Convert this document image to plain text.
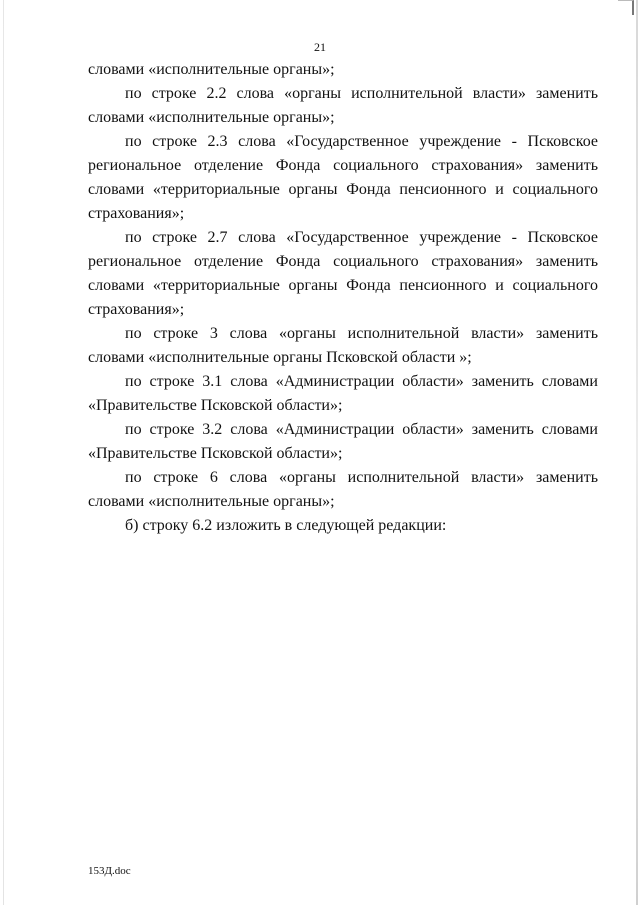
21

словами «исполнительные органы»;

по строке 2.2 слова «органы исполнительной власти» заменить словами «исполнительные органы»;

по строке 2.3 слова «Государственное учреждение - Псковское региональное отделение Фонда социального страхования» заменить словами «территориальные органы Фонда пенсионного и социального страхования»;

по строке 2.7 слова «Государственное учреждение - Псковское региональное отделение Фонда социального страхования» заменить словами «территориальные органы Фонда пенсионного и социального страхования»;

по строке 3 слова «органы исполнительной власти» заменить словами «исполнительные органы Псковской области »;

по строке 3.1 слова «Администрации области» заменить словами «Правительстве Псковской области»;

по строке 3.2 слова «Администрации области» заменить словами «Правительстве Псковской области»;

по строке 6 слова «органы исполнительной власти» заменить словами «исполнительные органы»;

б) строку 6.2 изложить в следующей редакции:

153Д.doc
